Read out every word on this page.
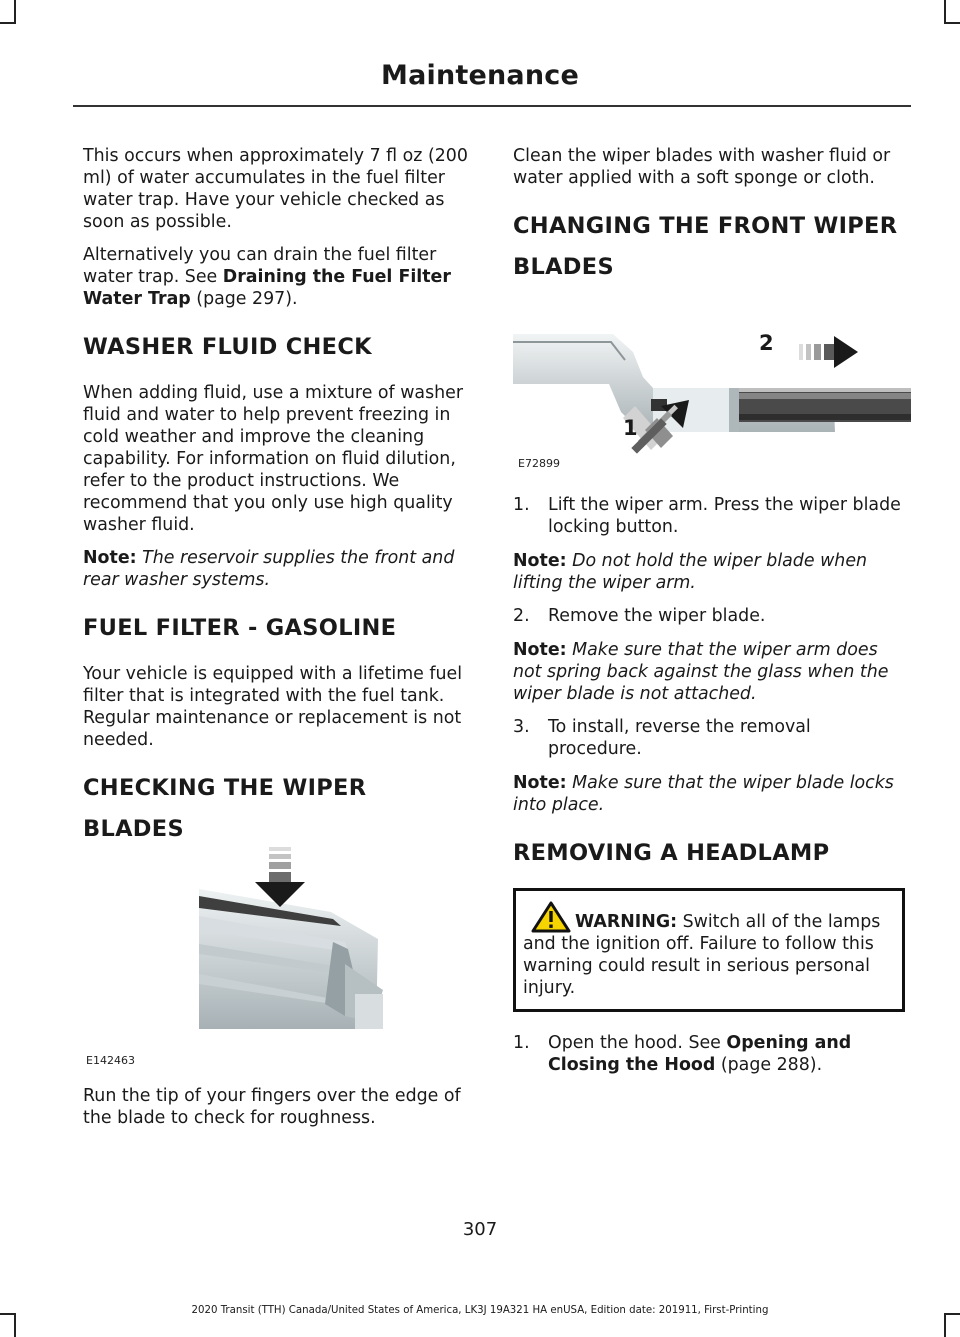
Maintenance

This occurs when approximately 7 fl oz (200 ml) of water accumulates in the fuel filter water trap. Have your vehicle checked as soon as possible.

Alternatively you can drain the fuel filter water trap. See Draining the Fuel Filter Water Trap (page 297).

WASHER FLUID CHECK

When adding fluid, use a mixture of washer fluid and water to help prevent freezing in cold weather and improve the cleaning capability. For information on fluid dilution, refer to the product instructions. We recommend that you only use high quality washer fluid.

Note: The reservoir supplies the front and rear washer systems.

FUEL FILTER - GASOLINE

Your vehicle is equipped with a lifetime fuel filter that is integrated with the fuel tank. Regular maintenance or replacement is not needed.

CHECKING THE WIPER
BLADES
E142463

Run the tip of your fingers over the edge of the blade to check for roughness.

Clean the wiper blades with washer fluid or water applied with a soft sponge or cloth.

CHANGING THE FRONT WIPER
BLADES
2
1
E72899
1.	Lift the wiper arm. Press the wiper blade locking button.

Note: Do not hold the wiper blade when lifting the wiper arm.

2.	Remove the wiper blade.

Note: Make sure that the wiper arm does not spring back against the glass when the wiper blade is not attached.

3.	To install, reverse the removal procedure.

Note: Make sure that the wiper blade locks into place.

REMOVING A HEADLAMP

WARNING: Switch all of the lamps and the ignition off. Failure to follow this warning could result in serious personal injury.

1.	Open the hood. See Opening and Closing the Hood (page 288).
307
2020 Transit (TTH) Canada/United States of America, LK3J 19A321 HA enUSA, Edition date: 201911, First-Printing
